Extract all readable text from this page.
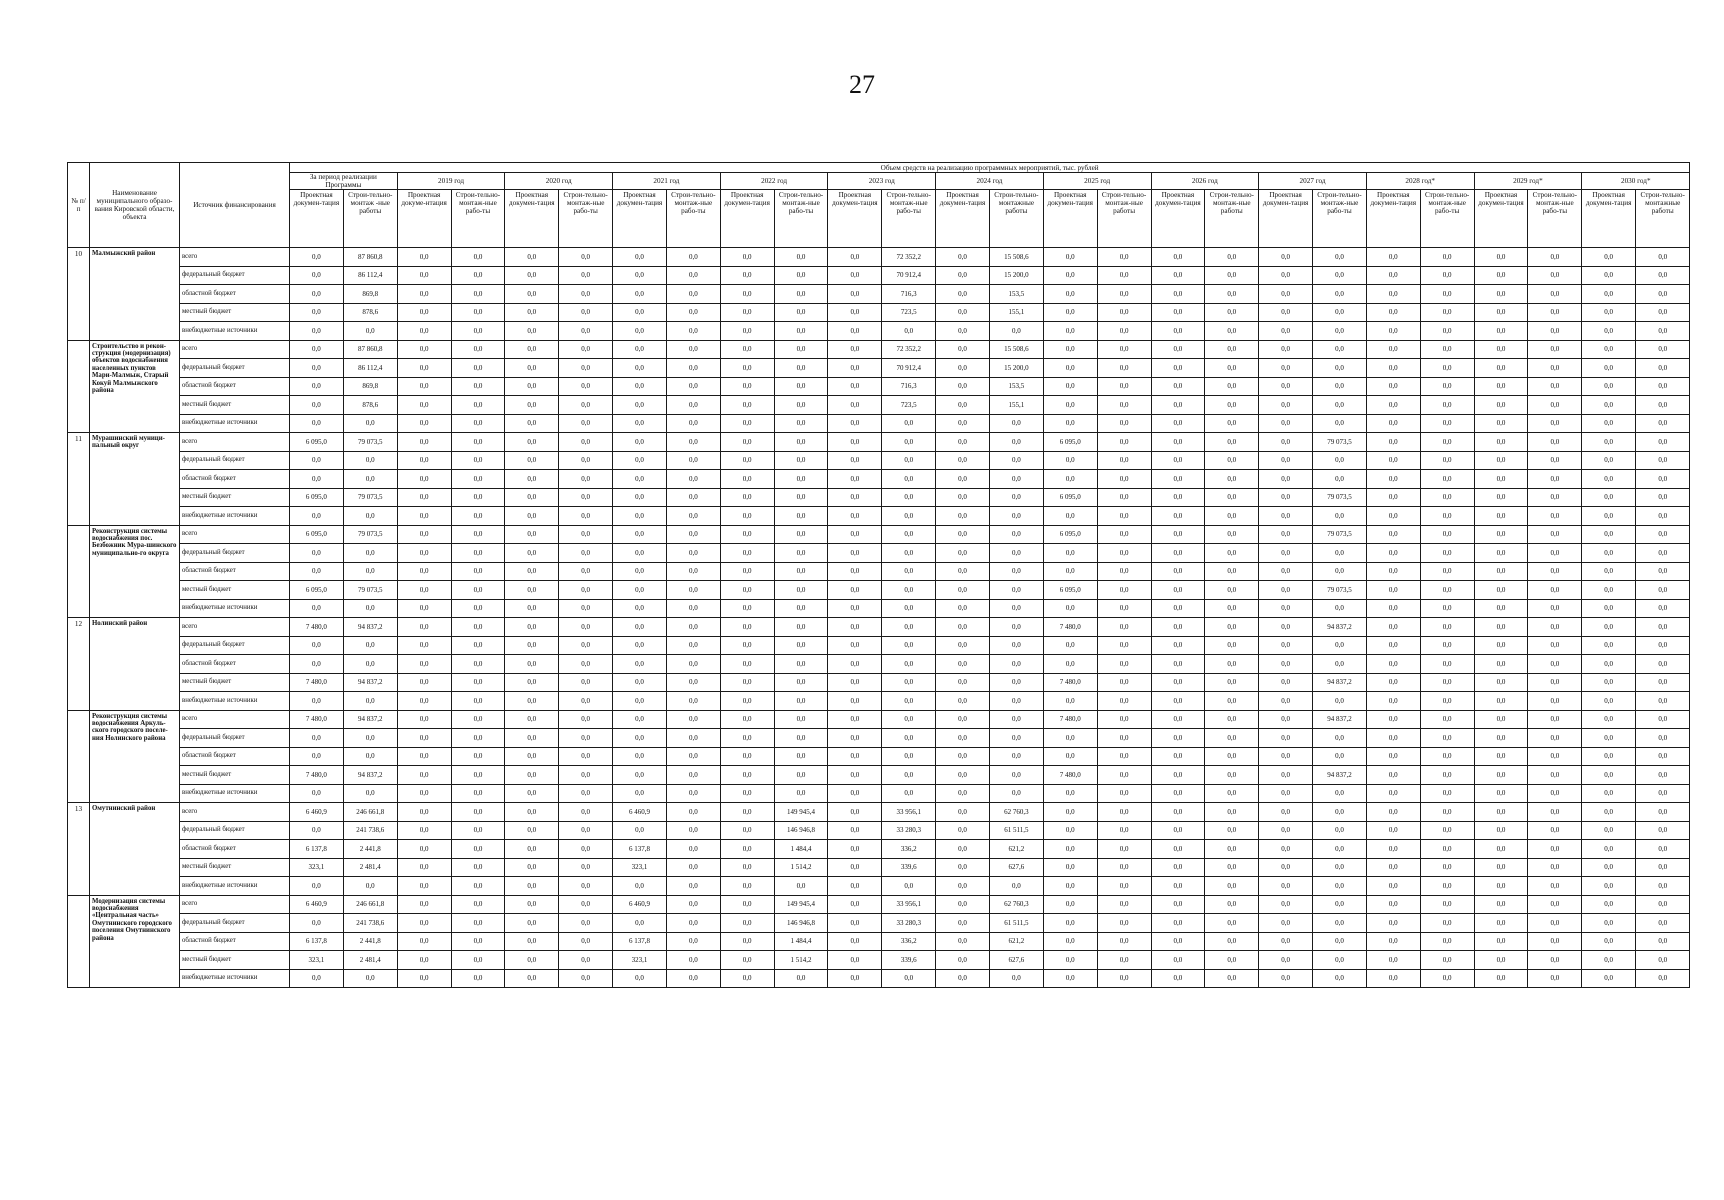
27
№ п/п	Наименование муниципального образо-вания Кировской области, объекта	Источник финансирования	Объем средств на реализацию программных мероприятий, тыс. рублей																									
			За период реализации Программы		2019 год		2020 год		2021 год		2022 год		2023 год		2024 год		2025 год		2026 год		2027 год		2028 год*		2029 год*		2030 год*	
			Проектная докумен-тация	Строи-тельно-монтаж -ные работы	Проектная докуме-нтация	Строи-тельно-монтаж-ные рабо-ты	Проектная докумен-тация	Строи-тельно-монтаж-ные рабо-ты	Проектная докумен-тация	Строи-тельно-монтаж-ные рабо-ты	Проектная докумен-тация	Строи-тельно-монтаж-ные рабо-ты	Проектная докумен-тация	Строи-тельно-монтаж-ные рабо-ты	Проектная докумен-тация	Строи-тельно-монтажные работы	Проектная докумен-тация	Строи-тельно-монтаж-ные работы	Проектная докумен-тация	Строи-тельно-монтаж-ные работы	Проектная докумен-тация	Строи-тельно-монтаж-ные рабо-ты	Проектная докумен-тация	Строи-тельно-монтаж-ные рабо-ты	Проектная докумен-тация	Строи-тельно-монтаж-ные рабо-ты	Проектная докумен-тация	Строи-тельно-монтажные работы
10	Малмыжский район	всего	0,0	87 860,8	0,0	0,0	0,0	0,0	0,0	0,0	0,0	0,0	0,0	72 352,2	0,0	15 508,6	0,0	0,0	0,0	0,0	0,0	0,0	0,0	0,0	0,0	0,0	0,0	0,0
		федеральный бюджет	0,0	86 112,4	0,0	0,0	0,0	0,0	0,0	0,0	0,0	0,0	0,0	70 912,4	0,0	15 200,0	0,0	0,0	0,0	0,0	0,0	0,0	0,0	0,0	0,0	0,0	0,0	0,0
		областной бюджет	0,0	869,8	0,0	0,0	0,0	0,0	0,0	0,0	0,0	0,0	0,0	716,3	0,0	153,5	0,0	0,0	0,0	0,0	0,0	0,0	0,0	0,0	0,0	0,0	0,0	0,0
		местный бюджет	0,0	878,6	0,0	0,0	0,0	0,0	0,0	0,0	0,0	0,0	0,0	723,5	0,0	155,1	0,0	0,0	0,0	0,0	0,0	0,0	0,0	0,0	0,0	0,0	0,0	0,0
		внебюджетные источники	0,0	0,0	0,0	0,0	0,0	0,0	0,0	0,0	0,0	0,0	0,0	0,0	0,0	0,0	0,0	0,0	0,0	0,0	0,0	0,0	0,0	0,0	0,0	0,0	0,0	0,0
	Строительство и рекон-струкция (модернизация) объектов водоснабжения населенных пунктов Мари-Малмыж, Старый Кокуй Малмыжского района	всего	0,0	87 860,8	0,0	0,0	0,0	0,0	0,0	0,0	0,0	0,0	0,0	72 352,2	0,0	15 508,6	0,0	0,0	0,0	0,0	0,0	0,0	0,0	0,0	0,0	0,0	0,0	0,0
		федеральный бюджет	0,0	86 112,4	0,0	0,0	0,0	0,0	0,0	0,0	0,0	0,0	0,0	70 912,4	0,0	15 200,0	0,0	0,0	0,0	0,0	0,0	0,0	0,0	0,0	0,0	0,0	0,0	0,0
		областной бюджет	0,0	869,8	0,0	0,0	0,0	0,0	0,0	0,0	0,0	0,0	0,0	716,3	0,0	153,5	0,0	0,0	0,0	0,0	0,0	0,0	0,0	0,0	0,0	0,0	0,0	0,0
		местный бюджет	0,0	878,6	0,0	0,0	0,0	0,0	0,0	0,0	0,0	0,0	0,0	723,5	0,0	155,1	0,0	0,0	0,0	0,0	0,0	0,0	0,0	0,0	0,0	0,0	0,0	0,0
		внебюджетные источники	0,0	0,0	0,0	0,0	0,0	0,0	0,0	0,0	0,0	0,0	0,0	0,0	0,0	0,0	0,0	0,0	0,0	0,0	0,0	0,0	0,0	0,0	0,0	0,0	0,0	0,0
11	Мурашинский муници-пальный округ	всего	6 095,0	79 073,5	0,0	0,0	0,0	0,0	0,0	0,0	0,0	0,0	0,0	0,0	0,0	0,0	6 095,0	0,0	0,0	0,0	0,0	79 073,5	0,0	0,0	0,0	0,0	0,0	0,0
		федеральный бюджет	0,0	0,0	0,0	0,0	0,0	0,0	0,0	0,0	0,0	0,0	0,0	0,0	0,0	0,0	0,0	0,0	0,0	0,0	0,0	0,0	0,0	0,0	0,0	0,0	0,0	0,0
		областной бюджет	0,0	0,0	0,0	0,0	0,0	0,0	0,0	0,0	0,0	0,0	0,0	0,0	0,0	0,0	0,0	0,0	0,0	0,0	0,0	0,0	0,0	0,0	0,0	0,0	0,0	0,0
		местный бюджет	6 095,0	79 073,5	0,0	0,0	0,0	0,0	0,0	0,0	0,0	0,0	0,0	0,0	0,0	0,0	6 095,0	0,0	0,0	0,0	0,0	79 073,5	0,0	0,0	0,0	0,0	0,0	0,0
		внебюджетные источники	0,0	0,0	0,0	0,0	0,0	0,0	0,0	0,0	0,0	0,0	0,0	0,0	0,0	0,0	0,0	0,0	0,0	0,0	0,0	0,0	0,0	0,0	0,0	0,0	0,0	0,0
	Реконструкция системы водоснабжения пос. Безбожник Мура-шинского муниципально-го округа	всего	6 095,0	79 073,5	0,0	0,0	0,0	0,0	0,0	0,0	0,0	0,0	0,0	0,0	0,0	0,0	6 095,0	0,0	0,0	0,0	0,0	79 073,5	0,0	0,0	0,0	0,0	0,0	0,0
		федеральный бюджет	0,0	0,0	0,0	0,0	0,0	0,0	0,0	0,0	0,0	0,0	0,0	0,0	0,0	0,0	0,0	0,0	0,0	0,0	0,0	0,0	0,0	0,0	0,0	0,0	0,0	0,0
		областной бюджет	0,0	0,0	0,0	0,0	0,0	0,0	0,0	0,0	0,0	0,0	0,0	0,0	0,0	0,0	0,0	0,0	0,0	0,0	0,0	0,0	0,0	0,0	0,0	0,0	0,0	0,0
		местный бюджет	6 095,0	79 073,5	0,0	0,0	0,0	0,0	0,0	0,0	0,0	0,0	0,0	0,0	0,0	0,0	6 095,0	0,0	0,0	0,0	0,0	79 073,5	0,0	0,0	0,0	0,0	0,0	0,0
		внебюджетные источники	0,0	0,0	0,0	0,0	0,0	0,0	0,0	0,0	0,0	0,0	0,0	0,0	0,0	0,0	0,0	0,0	0,0	0,0	0,0	0,0	0,0	0,0	0,0	0,0	0,0	0,0
12	Нолинский район	всего	7 480,0	94 837,2	0,0	0,0	0,0	0,0	0,0	0,0	0,0	0,0	0,0	0,0	0,0	0,0	7 480,0	0,0	0,0	0,0	0,0	94 837,2	0,0	0,0	0,0	0,0	0,0	0,0
		федеральный бюджет	0,0	0,0	0,0	0,0	0,0	0,0	0,0	0,0	0,0	0,0	0,0	0,0	0,0	0,0	0,0	0,0	0,0	0,0	0,0	0,0	0,0	0,0	0,0	0,0	0,0	0,0
		областной бюджет	0,0	0,0	0,0	0,0	0,0	0,0	0,0	0,0	0,0	0,0	0,0	0,0	0,0	0,0	0,0	0,0	0,0	0,0	0,0	0,0	0,0	0,0	0,0	0,0	0,0	0,0
		местный бюджет	7 480,0	94 837,2	0,0	0,0	0,0	0,0	0,0	0,0	0,0	0,0	0,0	0,0	0,0	0,0	7 480,0	0,0	0,0	0,0	0,0	94 837,2	0,0	0,0	0,0	0,0	0,0	0,0
		внебюджетные источники	0,0	0,0	0,0	0,0	0,0	0,0	0,0	0,0	0,0	0,0	0,0	0,0	0,0	0,0	0,0	0,0	0,0	0,0	0,0	0,0	0,0	0,0	0,0	0,0	0,0	0,0
	Реконструкция системы водоснабжения Аркуль-ского городского поселе-ния Нолинского района	всего	7 480,0	94 837,2	0,0	0,0	0,0	0,0	0,0	0,0	0,0	0,0	0,0	0,0	0,0	0,0	7 480,0	0,0	0,0	0,0	0,0	94 837,2	0,0	0,0	0,0	0,0	0,0	0,0
		федеральный бюджет	0,0	0,0	0,0	0,0	0,0	0,0	0,0	0,0	0,0	0,0	0,0	0,0	0,0	0,0	0,0	0,0	0,0	0,0	0,0	0,0	0,0	0,0	0,0	0,0	0,0	0,0
		областной бюджет	0,0	0,0	0,0	0,0	0,0	0,0	0,0	0,0	0,0	0,0	0,0	0,0	0,0	0,0	0,0	0,0	0,0	0,0	0,0	0,0	0,0	0,0	0,0	0,0	0,0	0,0
		местный бюджет	7 480,0	94 837,2	0,0	0,0	0,0	0,0	0,0	0,0	0,0	0,0	0,0	0,0	0,0	0,0	7 480,0	0,0	0,0	0,0	0,0	94 837,2	0,0	0,0	0,0	0,0	0,0	0,0
		внебюджетные источники	0,0	0,0	0,0	0,0	0,0	0,0	0,0	0,0	0,0	0,0	0,0	0,0	0,0	0,0	0,0	0,0	0,0	0,0	0,0	0,0	0,0	0,0	0,0	0,0	0,0	0,0
13	Омутнинский район	всего	6 460,9	246 661,8	0,0	0,0	0,0	0,0	6 460,9	0,0	0,0	149 945,4	0,0	33 956,1	0,0	62 760,3	0,0	0,0	0,0	0,0	0,0	0,0	0,0	0,0	0,0	0,0	0,0	0,0
		федеральный бюджет	0,0	241 738,6	0,0	0,0	0,0	0,0	0,0	0,0	0,0	146 946,8	0,0	33 280,3	0,0	61 511,5	0,0	0,0	0,0	0,0	0,0	0,0	0,0	0,0	0,0	0,0	0,0	0,0
		областной бюджет	6 137,8	2 441,8	0,0	0,0	0,0	0,0	6 137,8	0,0	0,0	1 484,4	0,0	336,2	0,0	621,2	0,0	0,0	0,0	0,0	0,0	0,0	0,0	0,0	0,0	0,0	0,0	0,0
		местный бюджет	323,1	2 481,4	0,0	0,0	0,0	0,0	323,1	0,0	0,0	1 514,2	0,0	339,6	0,0	627,6	0,0	0,0	0,0	0,0	0,0	0,0	0,0	0,0	0,0	0,0	0,0	0,0
		внебюджетные источники	0,0	0,0	0,0	0,0	0,0	0,0	0,0	0,0	0,0	0,0	0,0	0,0	0,0	0,0	0,0	0,0	0,0	0,0	0,0	0,0	0,0	0,0	0,0	0,0	0,0	0,0
	Модернизация системы водоснабжения «Центральная часть» Омутнинского городского поселения Омутнинского района	всего	6 460,9	246 661,8	0,0	0,0	0,0	0,0	6 460,9	0,0	0,0	149 945,4	0,0	33 956,1	0,0	62 760,3	0,0	0,0	0,0	0,0	0,0	0,0	0,0	0,0	0,0	0,0	0,0	0,0
		федеральный бюджет	0,0	241 738,6	0,0	0,0	0,0	0,0	0,0	0,0	0,0	146 946,8	0,0	33 280,3	0,0	61 511,5	0,0	0,0	0,0	0,0	0,0	0,0	0,0	0,0	0,0	0,0	0,0	0,0
		областной бюджет	6 137,8	2 441,8	0,0	0,0	0,0	0,0	6 137,8	0,0	0,0	1 484,4	0,0	336,2	0,0	621,2	0,0	0,0	0,0	0,0	0,0	0,0	0,0	0,0	0,0	0,0	0,0	0,0
		местный бюджет	323,1	2 481,4	0,0	0,0	0,0	0,0	323,1	0,0	0,0	1 514,2	0,0	339,6	0,0	627,6	0,0	0,0	0,0	0,0	0,0	0,0	0,0	0,0	0,0	0,0	0,0	0,0
		внебюджетные источники	0,0	0,0	0,0	0,0	0,0	0,0	0,0	0,0	0,0	0,0	0,0	0,0	0,0	0,0	0,0	0,0	0,0	0,0	0,0	0,0	0,0	0,0	0,0	0,0	0,0	0,0
